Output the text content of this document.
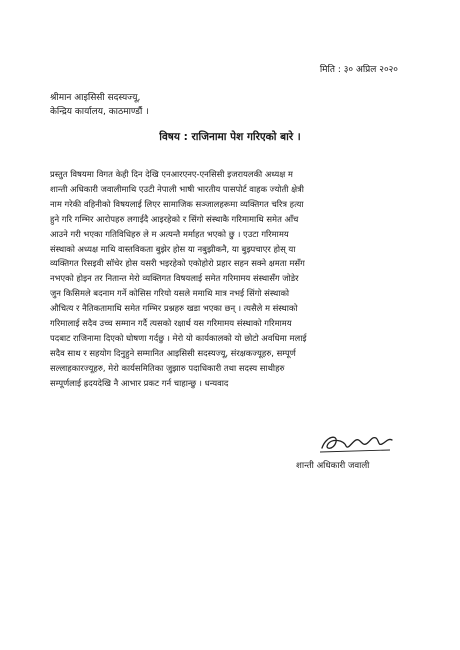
मिति : ३० अप्रिल २०२०
श्रीमान आइसिसी सदस्यज्यू,
केन्द्रिय कार्यालय, काठमाण्डौं ।
विषय : राजिनामा पेश गरिएको बारे ।
प्रस्तुत विषयमा विगत केही दिन देखि एनआरएनए-एनसिसी इजरायलकी अध्यक्ष म
शान्ती अधिकारी जवालीमाथि एउटी नेपाली भाषी भारतीय पासपोर्ट वाहक ज्योती क्षेत्री
नाम गरेकी वहिनीको विषयलाई लिएर सामाजिक सञ्जालहरूमा व्यक्तिगत चरित्र हत्या
हुने गरि गम्भिर आरोपहरु लगाईदै आइरहेको र सिंगो संस्थाकै गरिमामाथि समेत आँच
आउने गरी भएका गतिविधिहरु ले म अत्यन्तै मर्माहत भएको छु । एउटा गरिमामय
संस्थाको अध्यक्ष माथि वास्तविकता बुझेर होस या नबुझीकनै, या बुझ्पचाएर होस् या
व्यक्तिगत रिसइवी सॉचेर होस यसरी भइरहेको एकोहोरो प्रहार सहन सक्ने क्षमता मसँग
नभएको होइन तर नितान्त मेरो व्यक्तिगत विषयलाई समेत गरिमामय संस्थासँग जोडेर
जुन किसिमले बदनाम गर्ने कोसिस गरियो यसले ममाथि मात्र नभई सिंगो संस्थाको
औचित्य र नैतिकतामाथि समेत गम्भिर प्रश्नहरु खडा भएका छन् । त्यसैले म संस्थाको
गरिमालाई सदैव उच्च सम्मान गर्दै त्यसको रक्षार्थ यस गरिमामय संस्थाको गरिमामय
पदबाट राजिनामा दिएको घोषणा गर्दछु । मेरो यो कार्यकालको यो छोटो अवधिमा मलाई
सदैव साथ र सहयोग दिनुहुने सम्मानित आइसिसी सदस्यज्यू, संरक्षकज्यूहरु, सम्पूर्ण
सल्लाहकारज्यूहरु, मेरो कार्यसमितिका जुझारु पदाधिकारी तथा सदस्य साथीहरु
सम्पूर्णलाई ह्रदयदेखि नै आभार प्रकट गर्न चाहान्छु । धन्यवाद
शान्ती अधिकारी जवाली
